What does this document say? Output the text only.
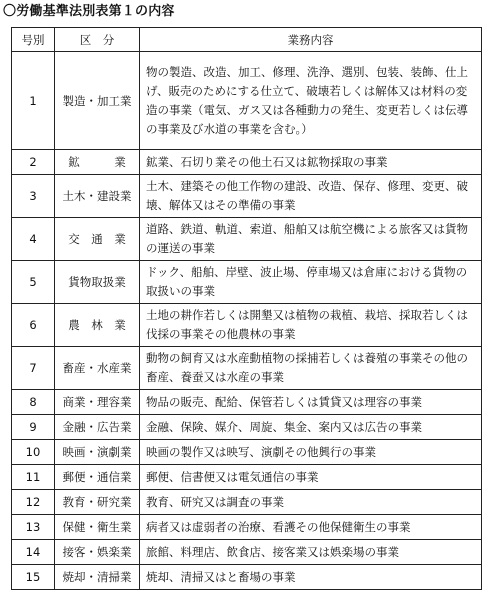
〇労働基準法別表第１の内容
号別	区　分	業務内容
1	製造・加工業	物の製造、改造、加工、修理、洗浄、選別、包装、装飾、仕上げ、販売のためにする仕立て、破壊若しくは解体又は材料の変造の事業（電気、ガス又は各種動力の発生、変更若しくは伝導の事業及び水道の事業を含む。）
2	鉱　　　業	鉱業、石切り業その他土石又は鉱物採取の事業
3	土木・建設業	土木、建築その他工作物の建設、改造、保存、修理、変更、破壊、解体又はその準備の事業
4	交　通　業	道路、鉄道、軌道、索道、船舶又は航空機による旅客又は貨物の運送の事業
5	貨物取扱業	ドック、船舶、岸壁、波止場、停車場又は倉庫における貨物の取扱いの事業
6	農　林　業	土地の耕作若しくは開墾又は植物の栽植、栽培、採取若しくは伐採の事業その他農林の事業
7	畜産・水産業	動物の飼育又は水産動植物の採捕若しくは養殖の事業その他の畜産、養蚕又は水産の事業
8	商業・理容業	物品の販売、配給、保管若しくは賃貸又は理容の事業
9	金融・広告業	金融、保険、媒介、周旋、集金、案内又は広告の事業
10	映画・演劇業	映画の製作又は映写、演劇その他興行の事業
11	郵便・通信業	郵便、信書便又は電気通信の事業
12	教育・研究業	教育、研究又は調査の事業
13	保健・衛生業	病者又は虚弱者の治療、看護その他保健衛生の事業
14	接客・娯楽業	旅館、料理店、飲食店、接客業又は娯楽場の事業
15	焼却・清掃業	焼却、清掃又はと畜場の事業
